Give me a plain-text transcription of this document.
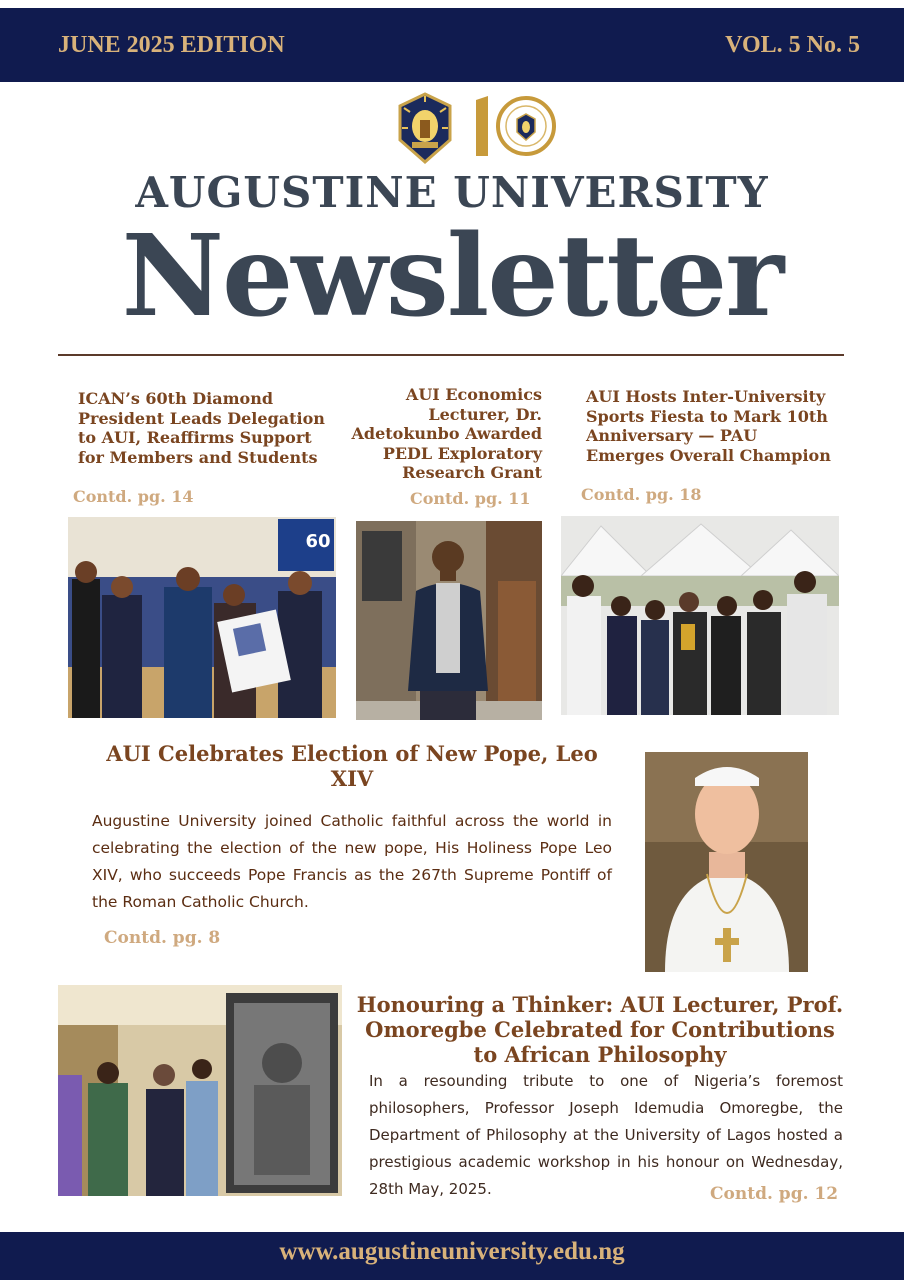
JUNE 2025 EDITION	VOL. 5 No. 5
AUGUSTINE UNIVERSITY
Newsletter
ICAN’s 60th Diamond President Leads Delegation to AUI, Reaffirms Support for Members and Students
Contd. pg. 14
AUI Economics Lecturer, Dr. Adetokunbo Awarded PEDL Exploratory Research Grant
Contd. pg. 11
AUI Hosts Inter-University Sports Fiesta to Mark 10th Anniversary — PAU Emerges Overall Champion
Contd. pg. 18
60
AUI Celebrates Election of New Pope, Leo XIV
Augustine University joined Catholic faithful across the world in celebrating the election of the new pope, His Holiness Pope Leo XIV, who succeeds Pope Francis as the 267th Supreme Pontiff of the Roman Catholic Church.
Contd. pg. 8
Honouring a Thinker: AUI Lecturer, Prof. Omoregbe Celebrated for Contributions to African Philosophy
In a resounding tribute to one of Nigeria’s foremost philosophers, Professor Joseph Idemudia Omoregbe, the Department of Philosophy at the University of Lagos hosted a prestigious academic workshop in his honour on Wednesday, 28th May, 2025.	Contd. pg. 12
www.augustineuniversity.edu.ng
